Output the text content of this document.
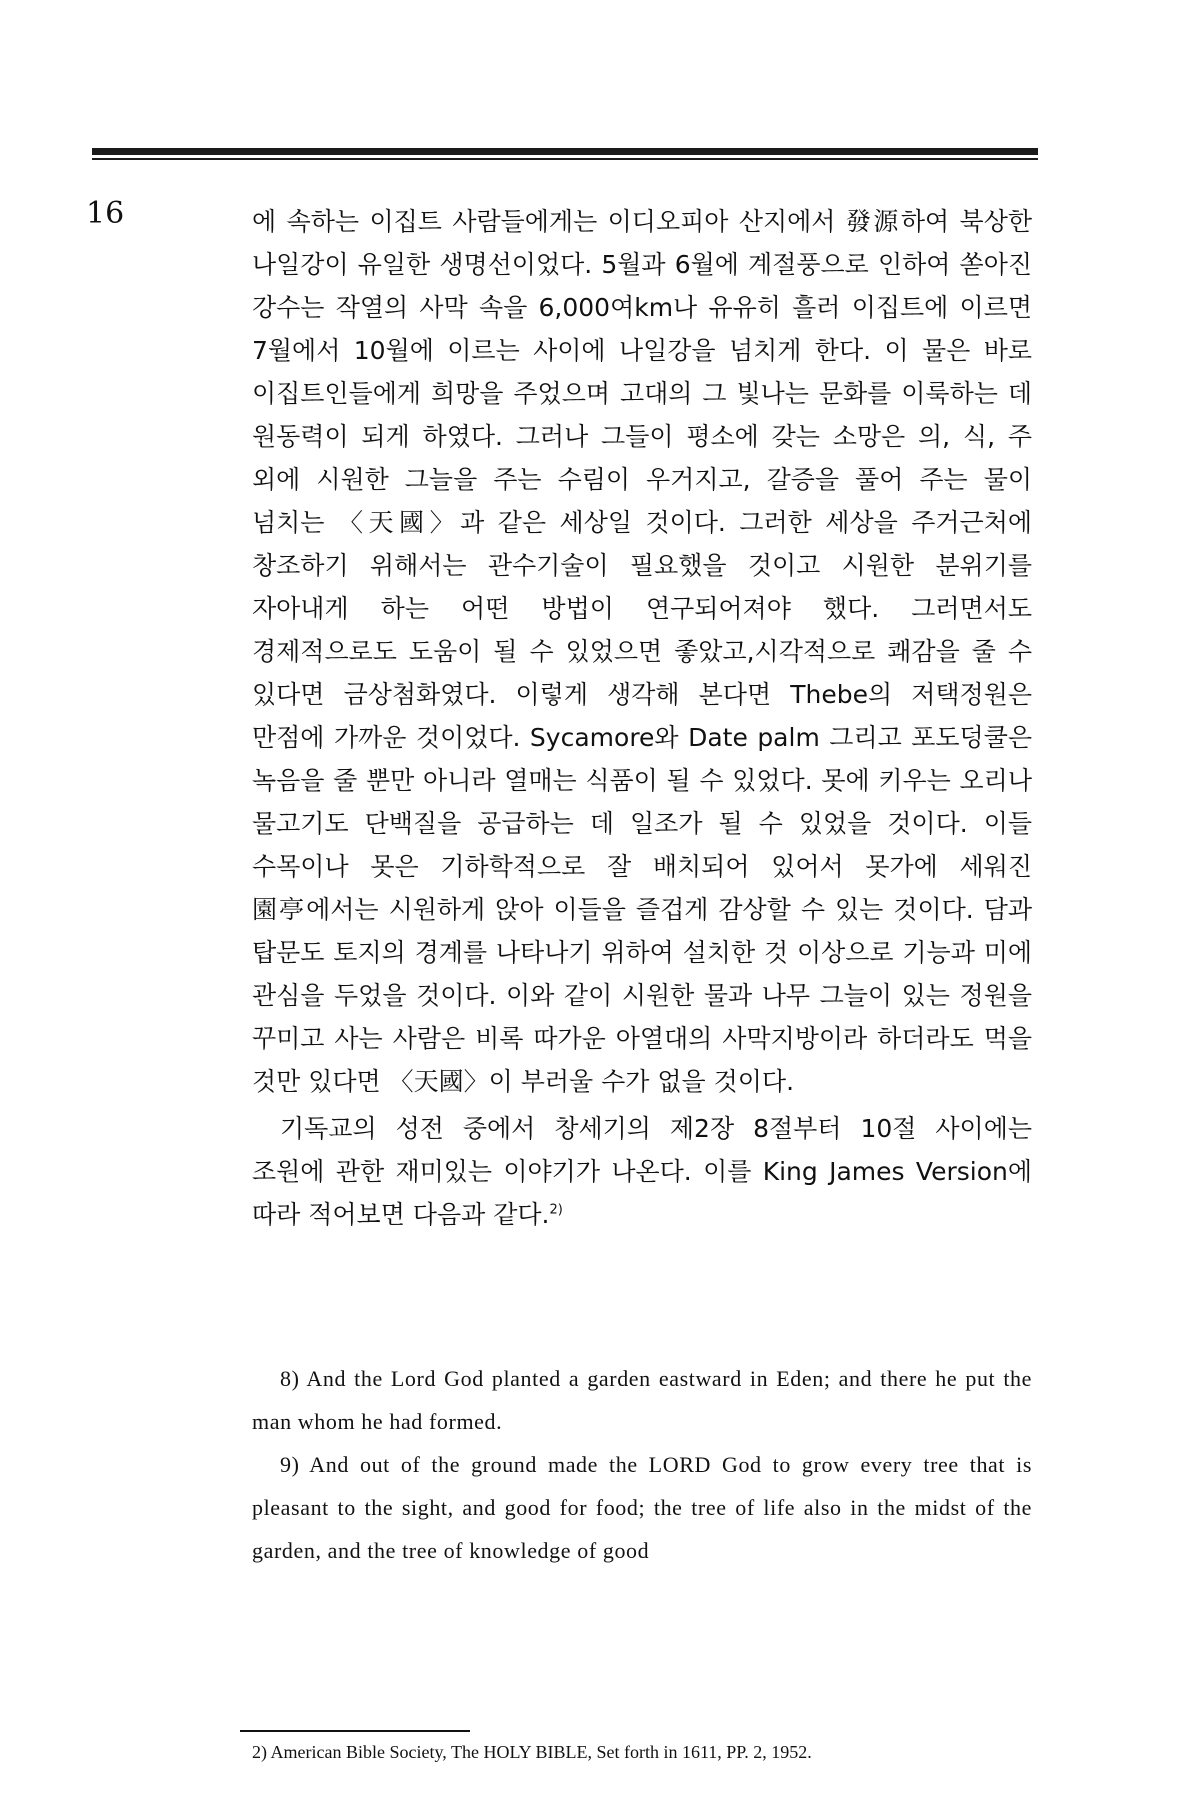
16	에 속하는 이집트 사람들에게는 이디오피아 산지에서 發源하여 북상한 나일강이 유일한 생명선이었다. 5월과 6월에 계절풍으로 인하여 쏟아진 강수는 작열의 사막 속을 6,000여km나 유유히 흘러 이집트에 이르면 7월에서 10월에 이르는 사이에 나일강을 넘치게 한다. 이 물은 바로 이집트인들에게 희망을 주었으며 고대의 그 빛나는 문화를 이룩하는 데 원동력이 되게 하였다. 그러나 그들이 평소에 갖는 소망은 의, 식, 주 외에 시원한 그늘을 주는 수림이 우거지고, 갈증을 풀어 주는 물이 넘치는 〈天國〉과 같은 세상일 것이다. 그러한 세상을 주거근처에 창조하기 위해서는 관수기술이 필요했을 것이고 시원한 분위기를 자아내게 하는 어떤 방법이 연구되어져야 했다. 그러면서도 경제적으로도 도움이 될 수 있었으면 좋았고,시각적으로 쾌감을 줄 수 있다면 금상첨화였다. 이렇게 생각해 본다면 Thebe의 저택정원은 만점에 가까운 것이었다. Sycamore와 Date palm 그리고 포도덩쿨은 녹음을 줄 뿐만 아니라 열매는 식품이 될 수 있었다. 못에 키우는 오리나 물고기도 단백질을 공급하는 데 일조가 될 수 있었을 것이다. 이들 수목이나 못은 기하학적으로 잘 배치되어 있어서 못가에 세워진 園亭에서는 시원하게 앉아 이들을 즐겁게 감상할 수 있는 것이다. 담과 탑문도 토지의 경계를 나타나기 위하여 설치한 것 이상으로 기능과 미에 관심을 두었을 것이다. 이와 같이 시원한 물과 나무 그늘이 있는 정원을 꾸미고 사는 사람은 비록 따가운 아열대의 사막지방이라 하더라도 먹을 것만 있다면 〈天國〉이 부러울 수가 없을 것이다.

기독교의 성전 중에서 창세기의 제2장 8절부터 10절 사이에는 조원에 관한 재미있는 이야기가 나온다. 이를 King James Version에 따라 적어보면 다음과 같다.$^{2)}$

8) And the Lord God planted a garden eastward in Eden; and there he put the man whom he had formed.

9) And out of the ground made the LORD God to grow every tree that is pleasant to the sight, and good for food; the tree of life also in the midst of the garden, and the tree of knowledge of good

2) American Bible Society, The HOLY BIBLE, Set forth in 1611, PP. 2, 1952.
